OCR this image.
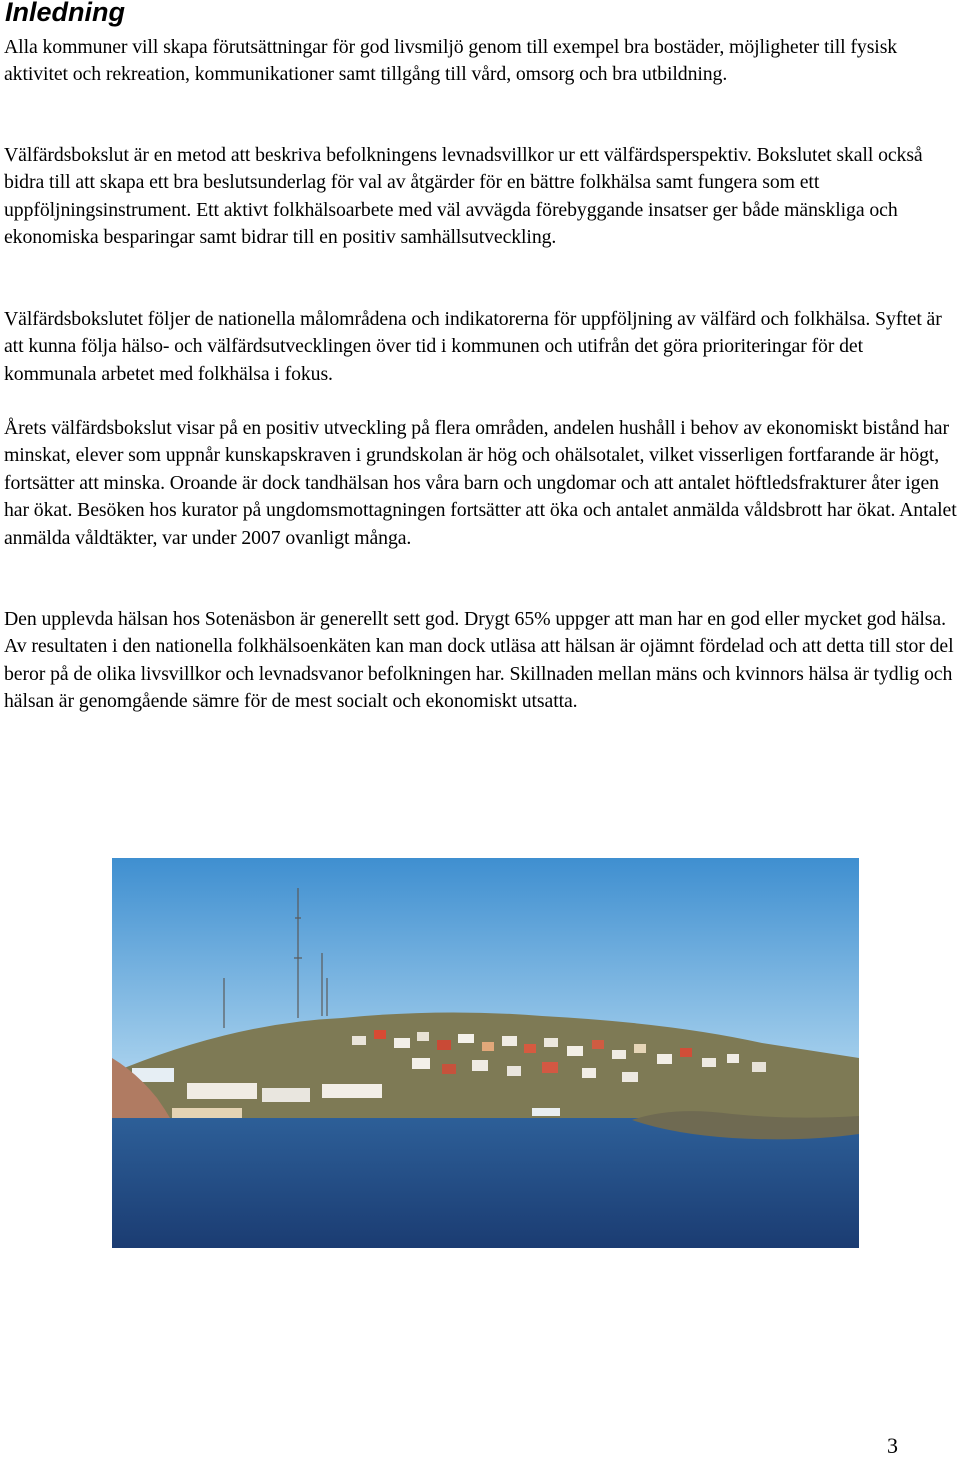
Inledning

Alla kommuner vill skapa förutsättningar för god livsmiljö genom till exempel bra bostäder, möjligheter till fysisk aktivitet och rekreation, kommunikationer samt tillgång till vård, omsorg och bra utbildning.

Välfärdsbokslut är en metod att beskriva befolkningens levnadsvillkor ur ett välfärdsperspektiv. Bokslutet skall också bidra till att skapa ett bra beslutsunderlag för val av åtgärder för en bättre folkhälsa samt fungera som ett uppföljningsinstrument. Ett aktivt folkhälsoarbete med väl avvägda förebyggande insatser ger både mänskliga och ekonomiska besparingar samt bidrar till en positiv samhällsutveckling.

Välfärdsbokslutet följer de nationella målområdena och indikatorerna för uppföljning av välfärd och folkhälsa. Syftet är att kunna följa hälso- och välfärdsutvecklingen över tid i kommunen och utifrån det göra prioriteringar för det kommunala arbetet med folkhälsa i fokus.

Årets välfärdsbokslut visar på en positiv utveckling på flera områden, andelen hushåll i behov av ekonomiskt bistånd har minskat, elever som uppnår kunskapskraven i grundskolan är hög och ohälsotalet, vilket visserligen fortfarande är högt, fortsätter att minska. Oroande är dock tandhälsan hos våra barn och ungdomar och att antalet höftledsfrakturer åter igen har ökat. Besöken hos kurator på ungdomsmottagningen fortsätter att öka och antalet anmälda våldsbrott har ökat. Antalet anmälda våldtäkter, var under 2007 ovanligt många.

Den upplevda hälsan hos Sotenäsbon är generellt sett god. Drygt 65% uppger att man har en god eller mycket god hälsa. Av resultaten i den nationella folkhälsoenkäten kan man dock utläsa att hälsan är ojämnt fördelad och att detta till stor del beror på de olika livsvillkor och levnadsvanor befolkningen har. Skillnaden mellan mäns och kvinnors hälsa är tydlig och hälsan är genomgående sämre för de mest socialt och ekonomiskt utsatta.

3
